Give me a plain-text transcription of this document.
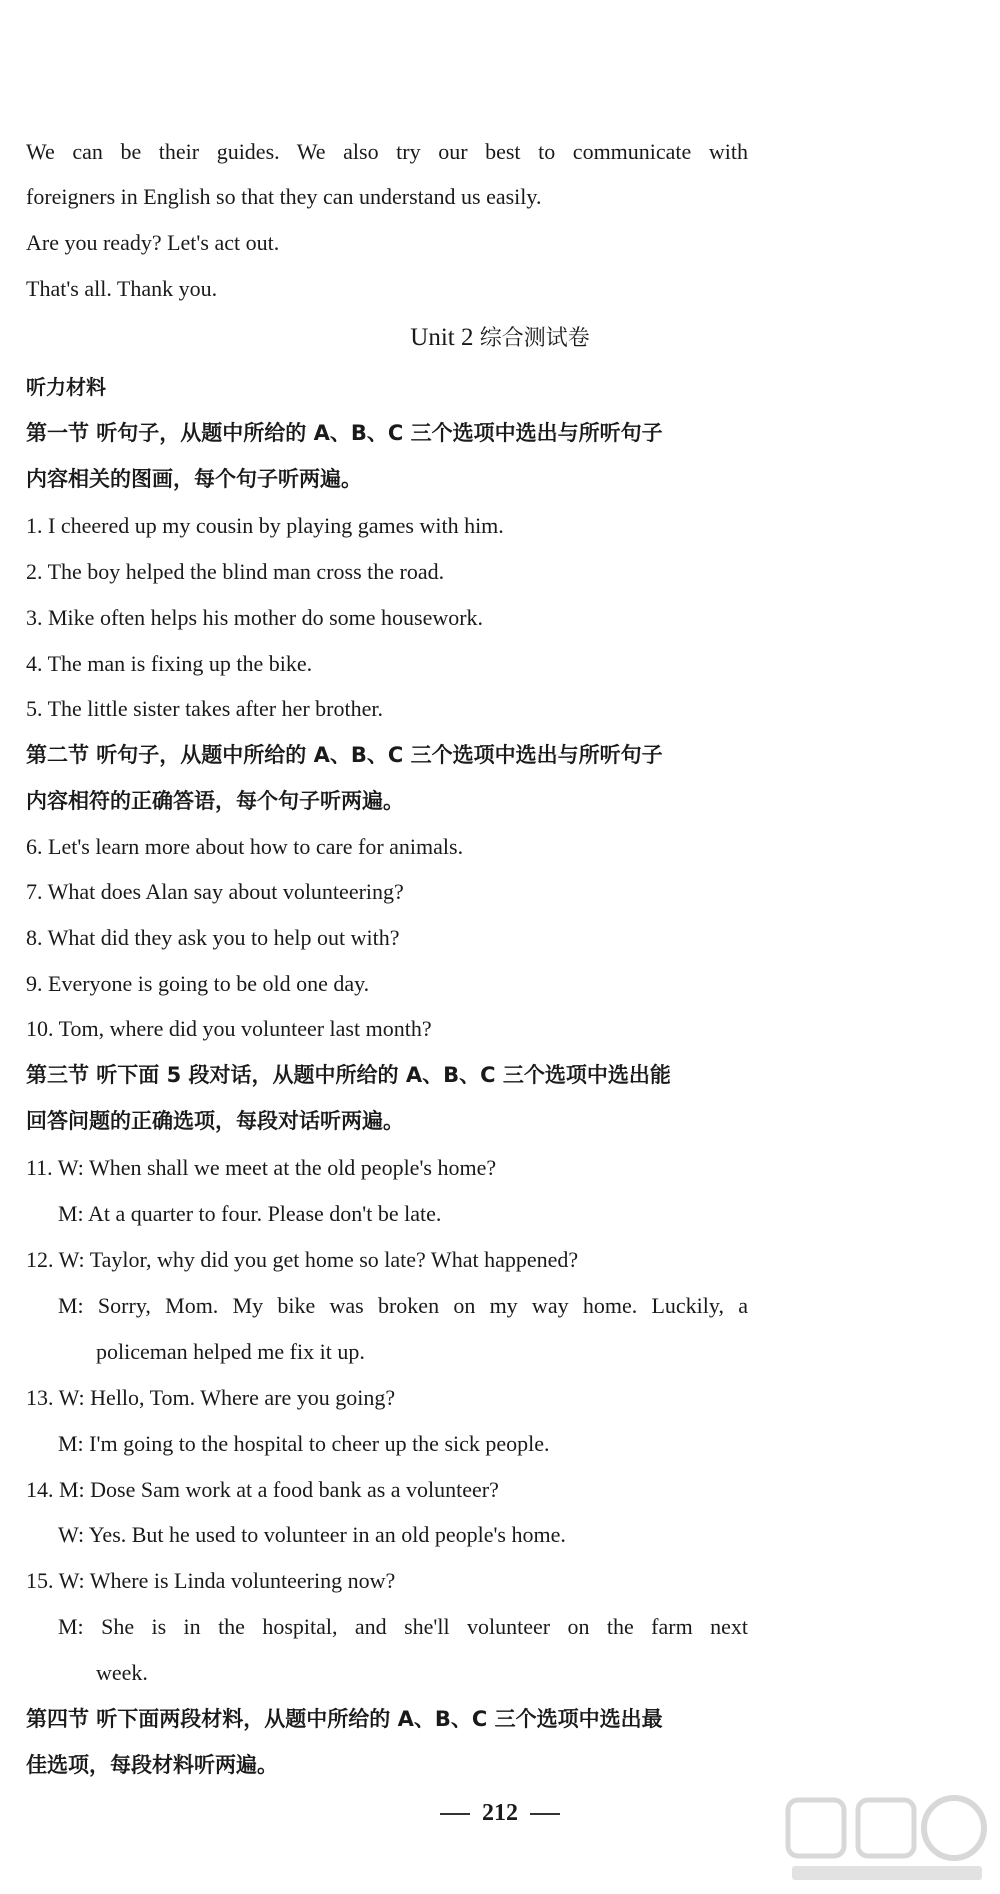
We can be their guides. We also try our best to communicate with
foreigners in English so that they can understand us easily.
Are you ready? Let's act out.
That's all. Thank you.
Unit 2 综合测试卷
听力材料
第一节 听句子，从题中所给的 A、B、C 三个选项中选出与所听句子
内容相关的图画，每个句子听两遍。
1. I cheered up my cousin by playing games with him.
2. The boy helped the blind man cross the road.
3. Mike often helps his mother do some housework.
4. The man is fixing up the bike.
5. The little sister takes after her brother.
第二节 听句子，从题中所给的 A、B、C 三个选项中选出与所听句子
内容相符的正确答语，每个句子听两遍。
6. Let's learn more about how to care for animals.
7. What does Alan say about volunteering?
8. What did they ask you to help out with?
9. Everyone is going to be old one day.
10. Tom, where did you volunteer last month?
第三节 听下面 5 段对话，从题中所给的 A、B、C 三个选项中选出能
回答问题的正确选项，每段对话听两遍。
11. W: When shall we meet at the old people's home?
M: At a quarter to four. Please don't be late.
12. W: Taylor, why did you get home so late? What happened?
M: Sorry, Mom. My bike was broken on my way home. Luckily, a
policeman helped me fix it up.
13. W: Hello, Tom. Where are you going?
M: I'm going to the hospital to cheer up the sick people.
14. M: Dose Sam work at a food bank as a volunteer?
W: Yes. But he used to volunteer in an old people's home.
15. W: Where is Linda volunteering now?
M: She is in the hospital, and she'll volunteer on the farm next
week.
第四节 听下面两段材料，从题中所给的 A、B、C 三个选项中选出最
佳选项，每段材料听两遍。
212
